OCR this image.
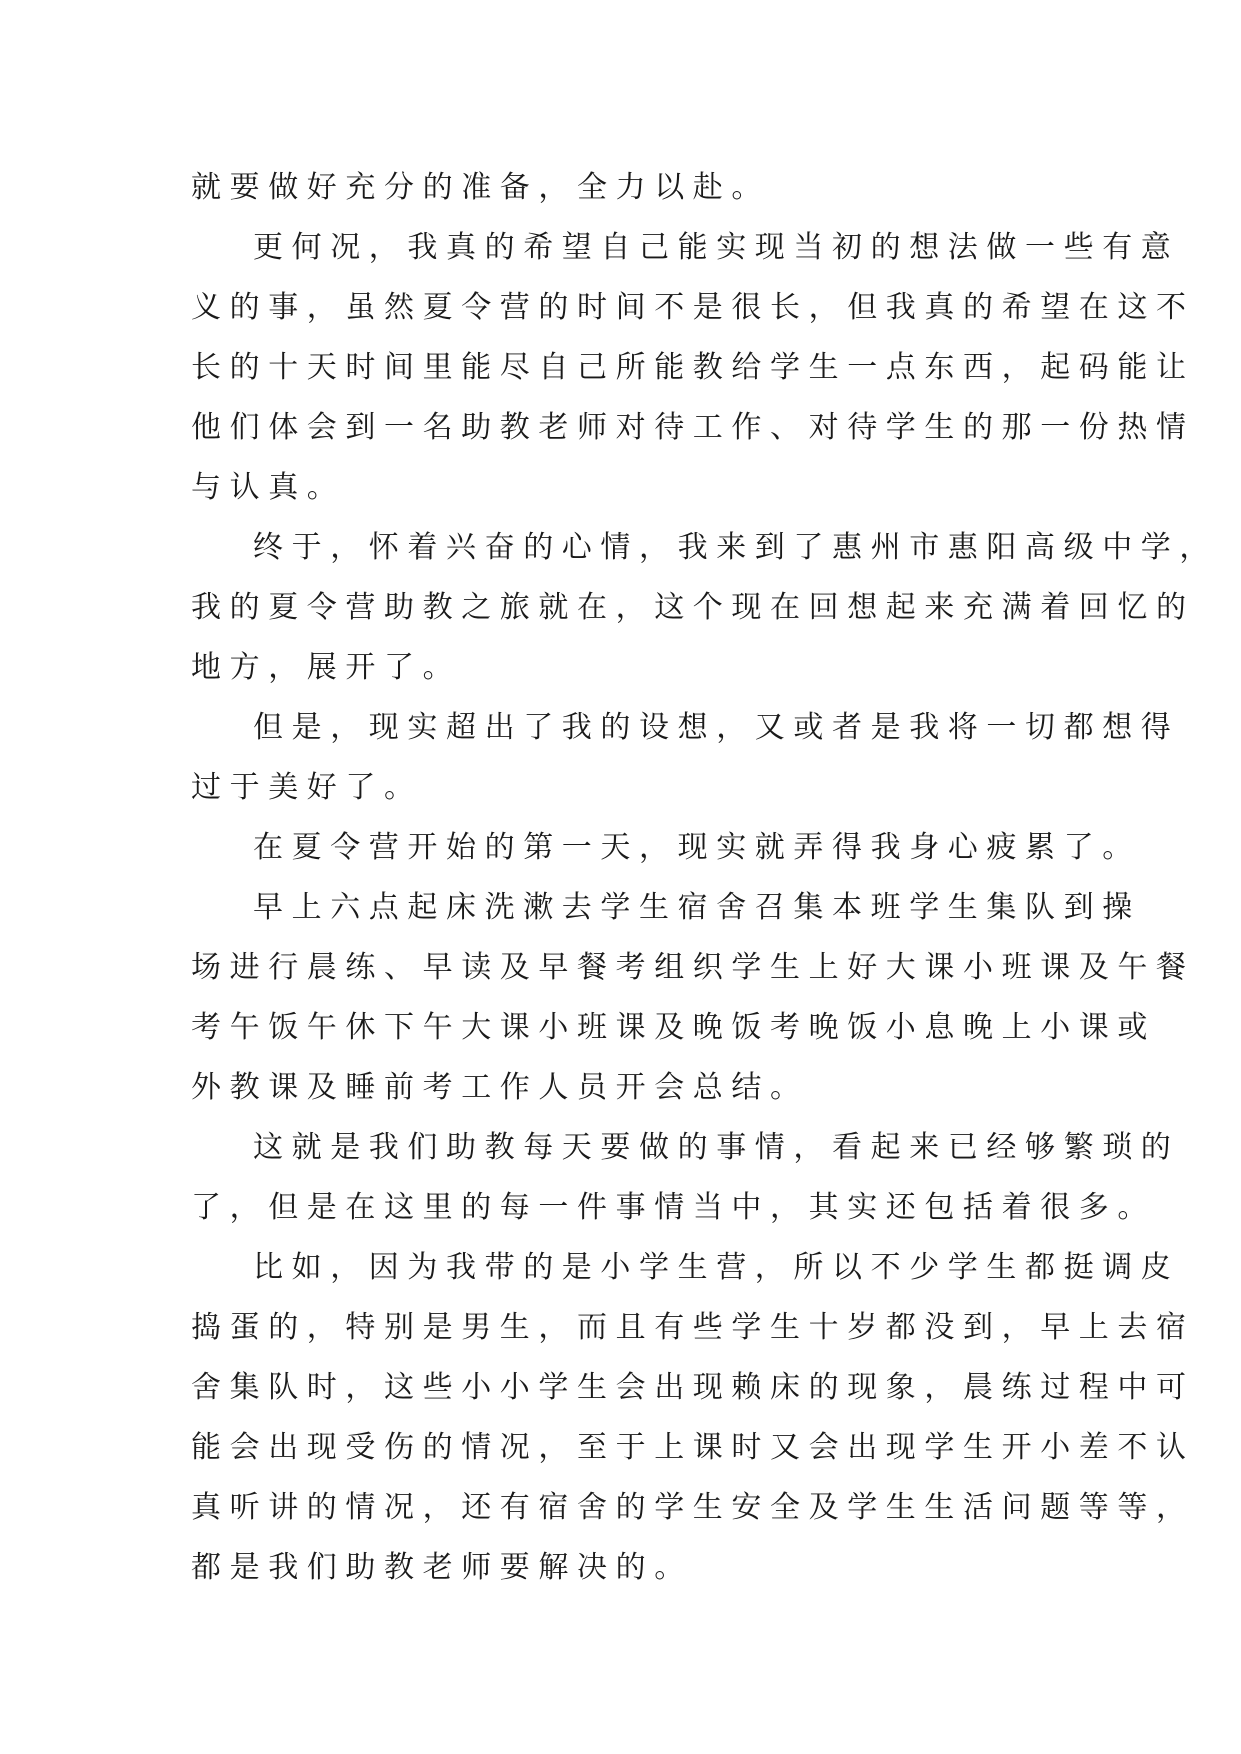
就要做好充分的准备，全力以赴。
更何况，我真的希望自己能实现当初的想法做一些有意
义的事，虽然夏令营的时间不是很长，但我真的希望在这不
长的十天时间里能尽自己所能教给学生一点东西，起码能让
他们体会到一名助教老师对待工作、对待学生的那一份热情
与认真。
终于，怀着兴奋的心情，我来到了惠州市惠阳高级中学，
我的夏令营助教之旅就在，这个现在回想起来充满着回忆的
地方，展开了。
但是，现实超出了我的设想，又或者是我将一切都想得
过于美好了。
在夏令营开始的第一天，现实就弄得我身心疲累了。
早上六点起床洗漱去学生宿舍召集本班学生集队到操
场进行晨练、早读及早餐考组织学生上好大课小班课及午餐
考午饭午休下午大课小班课及晚饭考晚饭小息晚上小课或
外教课及睡前考工作人员开会总结。
这就是我们助教每天要做的事情，看起来已经够繁琐的
了，但是在这里的每一件事情当中，其实还包括着很多。
比如，因为我带的是小学生营，所以不少学生都挺调皮
捣蛋的，特别是男生，而且有些学生十岁都没到，早上去宿
舍集队时，这些小小学生会出现赖床的现象，晨练过程中可
能会出现受伤的情况，至于上课时又会出现学生开小差不认
真听讲的情况，还有宿舍的学生安全及学生生活问题等等，
都是我们助教老师要解决的。
